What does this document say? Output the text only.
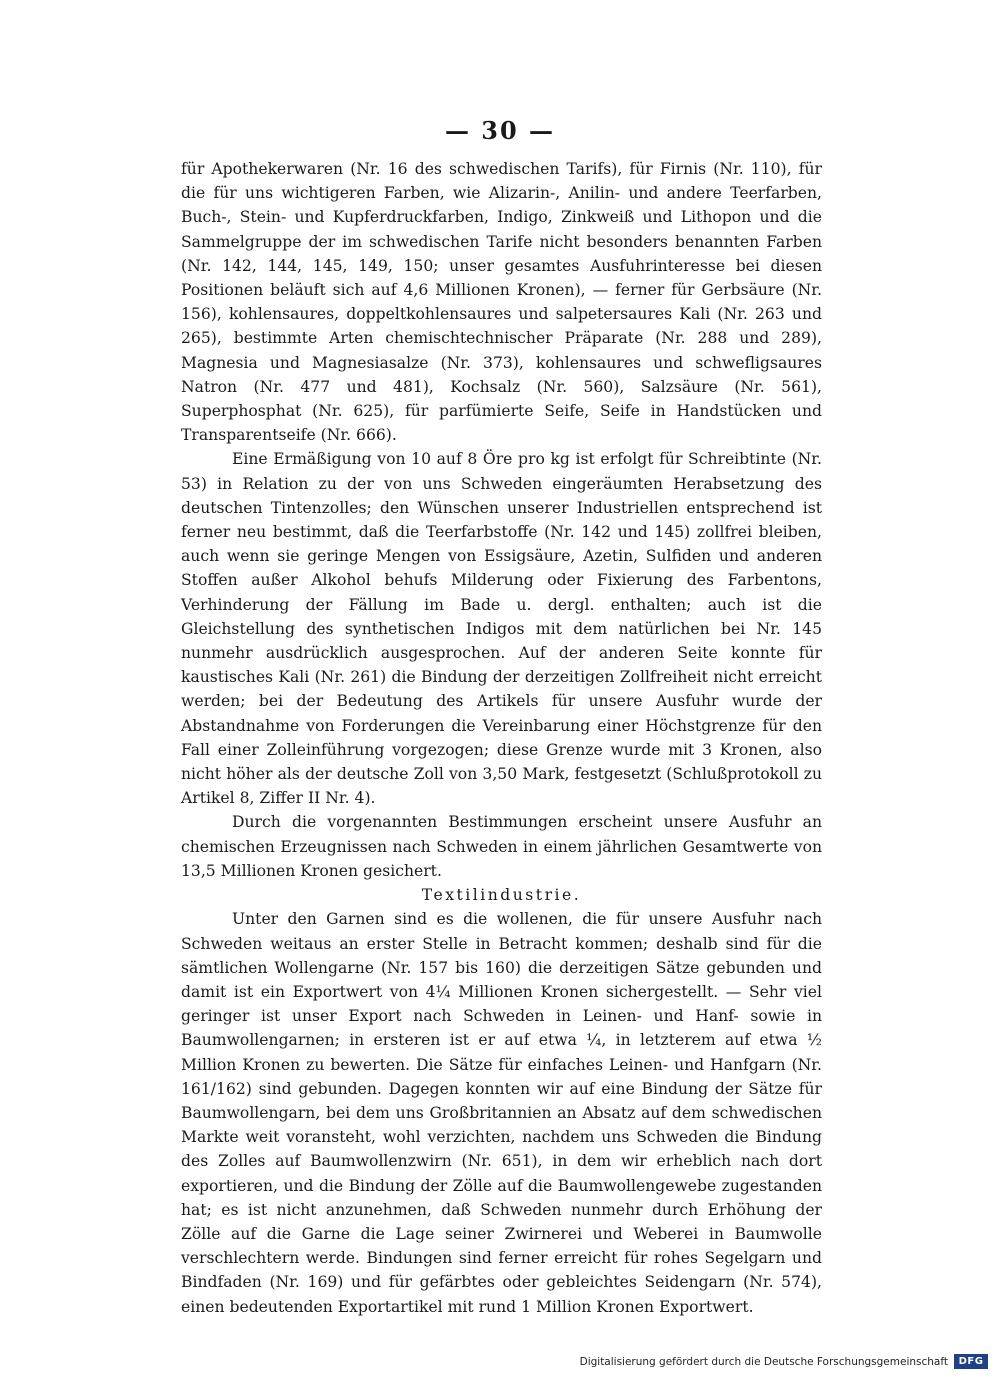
— 30 —

für Apothekerwaren (Nr. 16 des schwedischen Tarifs), für Firnis (Nr. 110), für die für uns wichtigeren Farben, wie Alizarin-, Anilin- und andere Teerfarben, Buch-, Stein- und Kupferdruckfarben, Indigo, Zinkweiß und Lithopon und die Sammelgruppe der im schwedischen Tarife nicht besonders benannten Farben (Nr. 142, 144, 145, 149, 150; unser gesamtes Ausfuhrinteresse bei diesen Positionen beläuft sich auf 4,6 Millionen Kronen), — ferner für Gerbsäure (Nr. 156), kohlensaures, doppeltkohlensaures und salpetersaures Kali (Nr. 263 und 265), bestimmte Arten chemischtechnischer Präparate (Nr. 288 und 289), Magnesia und Magnesiasalze (Nr. 373), kohlensaures und schwefligsaures Natron (Nr. 477 und 481), Kochsalz (Nr. 560), Salzsäure (Nr. 561), Superphosphat (Nr. 625), für parfümierte Seife, Seife in Handstücken und Transparentseife (Nr. 666).

Eine Ermäßigung von 10 auf 8 Öre pro kg ist erfolgt für Schreibtinte (Nr. 53) in Relation zu der von uns Schweden eingeräumten Herabsetzung des deutschen Tintenzolles; den Wünschen unserer Industriellen entsprechend ist ferner neu bestimmt, daß die Teerfarbstoffe (Nr. 142 und 145) zollfrei bleiben, auch wenn sie geringe Mengen von Essigsäure, Azetin, Sulfiden und anderen Stoffen außer Alkohol behufs Milderung oder Fixierung des Farbentons, Verhinderung der Fällung im Bade u. dergl. enthalten; auch ist die Gleichstellung des synthetischen Indigos mit dem natürlichen bei Nr. 145 nunmehr ausdrücklich ausgesprochen. Auf der anderen Seite konnte für kaustisches Kali (Nr. 261) die Bindung der derzeitigen Zollfreiheit nicht erreicht werden; bei der Bedeutung des Artikels für unsere Ausfuhr wurde der Abstandnahme von Forderungen die Vereinbarung einer Höchstgrenze für den Fall einer Zolleinführung vorgezogen; diese Grenze wurde mit 3 Kronen, also nicht höher als der deutsche Zoll von 3,50 Mark, festgesetzt (Schlußprotokoll zu Artikel 8, Ziffer II Nr. 4).

Durch die vorgenannten Bestimmungen erscheint unsere Ausfuhr an chemischen Erzeugnissen nach Schweden in einem jährlichen Gesamtwerte von 13,5 Millionen Kronen gesichert.

Textilindustrie.

Unter den Garnen sind es die wollenen, die für unsere Ausfuhr nach Schweden weitaus an erster Stelle in Betracht kommen; deshalb sind für die sämtlichen Wollengarne (Nr. 157 bis 160) die derzeitigen Sätze gebunden und damit ist ein Exportwert von 4¼ Millionen Kronen sichergestellt. — Sehr viel geringer ist unser Export nach Schweden in Leinen- und Hanf- sowie in Baumwollengarnen; in ersteren ist er auf etwa ¼, in letzterem auf etwa ½ Million Kronen zu bewerten. Die Sätze für einfaches Leinen- und Hanfgarn (Nr. 161/162) sind gebunden. Dagegen konnten wir auf eine Bindung der Sätze für Baumwollengarn, bei dem uns Großbritannien an Absatz auf dem schwedischen Markte weit voransteht, wohl verzichten, nachdem uns Schweden die Bindung des Zolles auf Baumwollenzwirn (Nr. 651), in dem wir erheblich nach dort exportieren, und die Bindung der Zölle auf die Baumwollengewebe zugestanden hat; es ist nicht anzunehmen, daß Schweden nunmehr durch Erhöhung der Zölle auf die Garne die Lage seiner Zwirnerei und Weberei in Baumwolle verschlechtern werde. Bindungen sind ferner erreicht für rohes Segelgarn und Bindfaden (Nr. 169) und für gefärbtes oder gebleichtes Seidengarn (Nr. 574), einen bedeutenden Exportartikel mit rund 1 Million Kronen Exportwert.

Digitalisierung gefördert durch die Deutsche Forschungsgemeinschaft	DFG
